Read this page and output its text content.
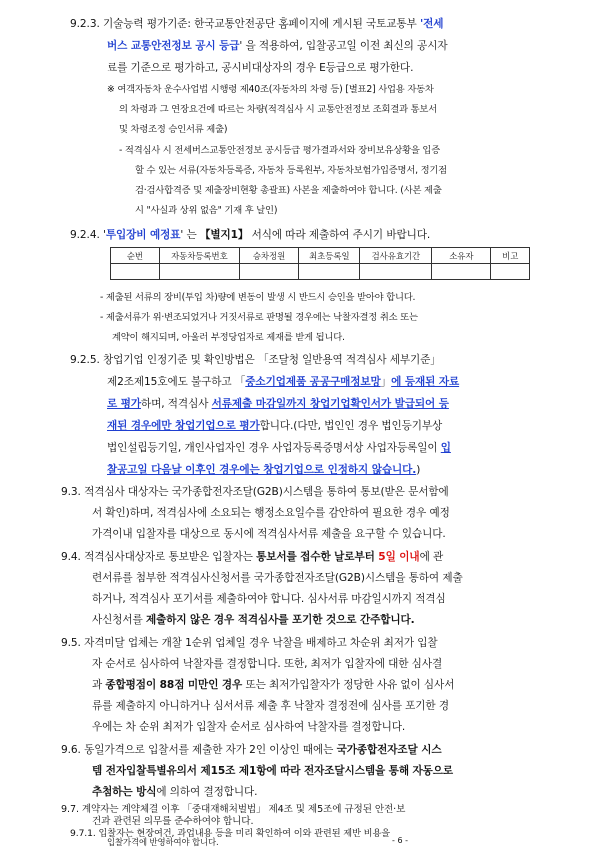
9.2.3. 기술능력 평가기준: 한국교통안전공단 홈페이지에 게시된 국토교통부 '전세
버스 교통안전정보 공시 등급' 을 적용하여, 입찰공고일 이전 최신의 공시자
료를 기준으로 평가하고, 공시비대상자의 경우 E등급으로 평가한다.
※ 여객자동차 운수사업법 시행령 제40조(자동차의 차령 등) [별표2] 사업용 자동차
의 차령과 그 연장요건에 따르는 차량(적격심사 시 교통안전정보 조회결과 통보서
및 차령조정 승인서류 제출)
- 적격심사 시 전세버스교통안전정보 공시등급 평가결과서와 장비보유상황을 입증
할 수 있는 서류(자동차등록증, 자동차 등록원부, 자동차보험가입증명서, 정기점
검·검사합격증 및 제출장비현황 총괄표) 사본을 제출하여야 합니다. (사본 제출
시 "사실과 상위 없음" 기재 후 날인)
9.2.4. '투입장비 예정표' 는 【별지1】 서식에 따라 제출하여 주시기 바랍니다.
순번	자동차등록번호	승차정원	최초등록일	검사유효기간	소유자	비고

- 제출된 서류의 장비(투입 차)량에 변동이 발생 시 반드시 승인을 받아야 합니다.
- 제출서류가 위·변조되었거나 거짓서류로 판명될 경우에는 낙찰자결정 취소 또는
계약이 해지되며, 아울러 부정당업자로 제재를 받게 됩니다.
9.2.5. 창업기업 인정기준 및 확인방법은 「조달청 일반용역 적격심사 세부기준」
제2조제15호에도 불구하고 「중소기업제품 공공구매정보망」에 등재된 자료
로 평가하며, 적격심사 서류제출 마감일까지 창업기업확인서가 발급되어 등
재된 경우에만 창업기업으로 평가합니다.(다만, 법인인 경우 법인등기부상
법인설립등기일, 개인사업자인 경우 사업자등록증명서상 사업자등록일이 입
찰공고일 다음날 이후인 경우에는 창업기업으로 인정하지 않습니다.)
9.3. 적격심사 대상자는 국가종합전자조달(G2B)시스템을 통하여 통보(받은 문서함에
서 확인)하며, 적격심사에 소요되는 행정소요일수를 감안하여 필요한 경우 예정
가격이내 입찰자를 대상으로 동시에 적격심사서류 제출을 요구할 수 있습니다.
9.4. 적격심사대상자로 통보받은 입찰자는 통보서를 접수한 날로부터 5일 이내에 관
련서류를 첨부한 적격심사신청서를 국가종합전자조달(G2B)시스템을 통하여 제출
하거나, 적격심사 포기서를 제출하여야 합니다. 심사서류 마감일시까지 적격심
사신청서를 제출하지 않은 경우 적격심사를 포기한 것으로 간주합니다.
9.5. 자격미달 업체는 개찰 1순위 업체일 경우 낙찰을 배제하고 차순위 최저가 입찰
자 순서로 심사하여 낙찰자를 결정합니다. 또한, 최저가 입찰자에 대한 심사결
과 종합평점이 88점 미만인 경우 또는 최저가입찰자가 정당한 사유 없이 심사서
류를 제출하지 아니하거나 심서서류 제출 후 낙찰자 결정전에 심사를 포기한 경
우에는 차 순위 최저가 입찰자 순서로 심사하여 낙찰자를 결정합니다.
9.6. 동일가격으로 입찰서를 제출한 자가 2인 이상인 때에는 국가종합전자조달 시스
템 전자입찰특별유의서 제15조 제1항에 따라 전자조달시스템을 통해 자동으로
추첨하는 방식에 의하여 결정합니다.
- 6 -
9.7. 계약자는 계약체결 이후 「중대재해처벌법」 제4조 및 제5조에 규정된 안전·보
건과 관련된 의무를 준수하여야 합니다.
9.7.1. 입찰자는 현장여건, 과업내용 등을 미리 확인하여 이와 관련된 제반 비용을
입찰가격에 반영하여야 합니다.
